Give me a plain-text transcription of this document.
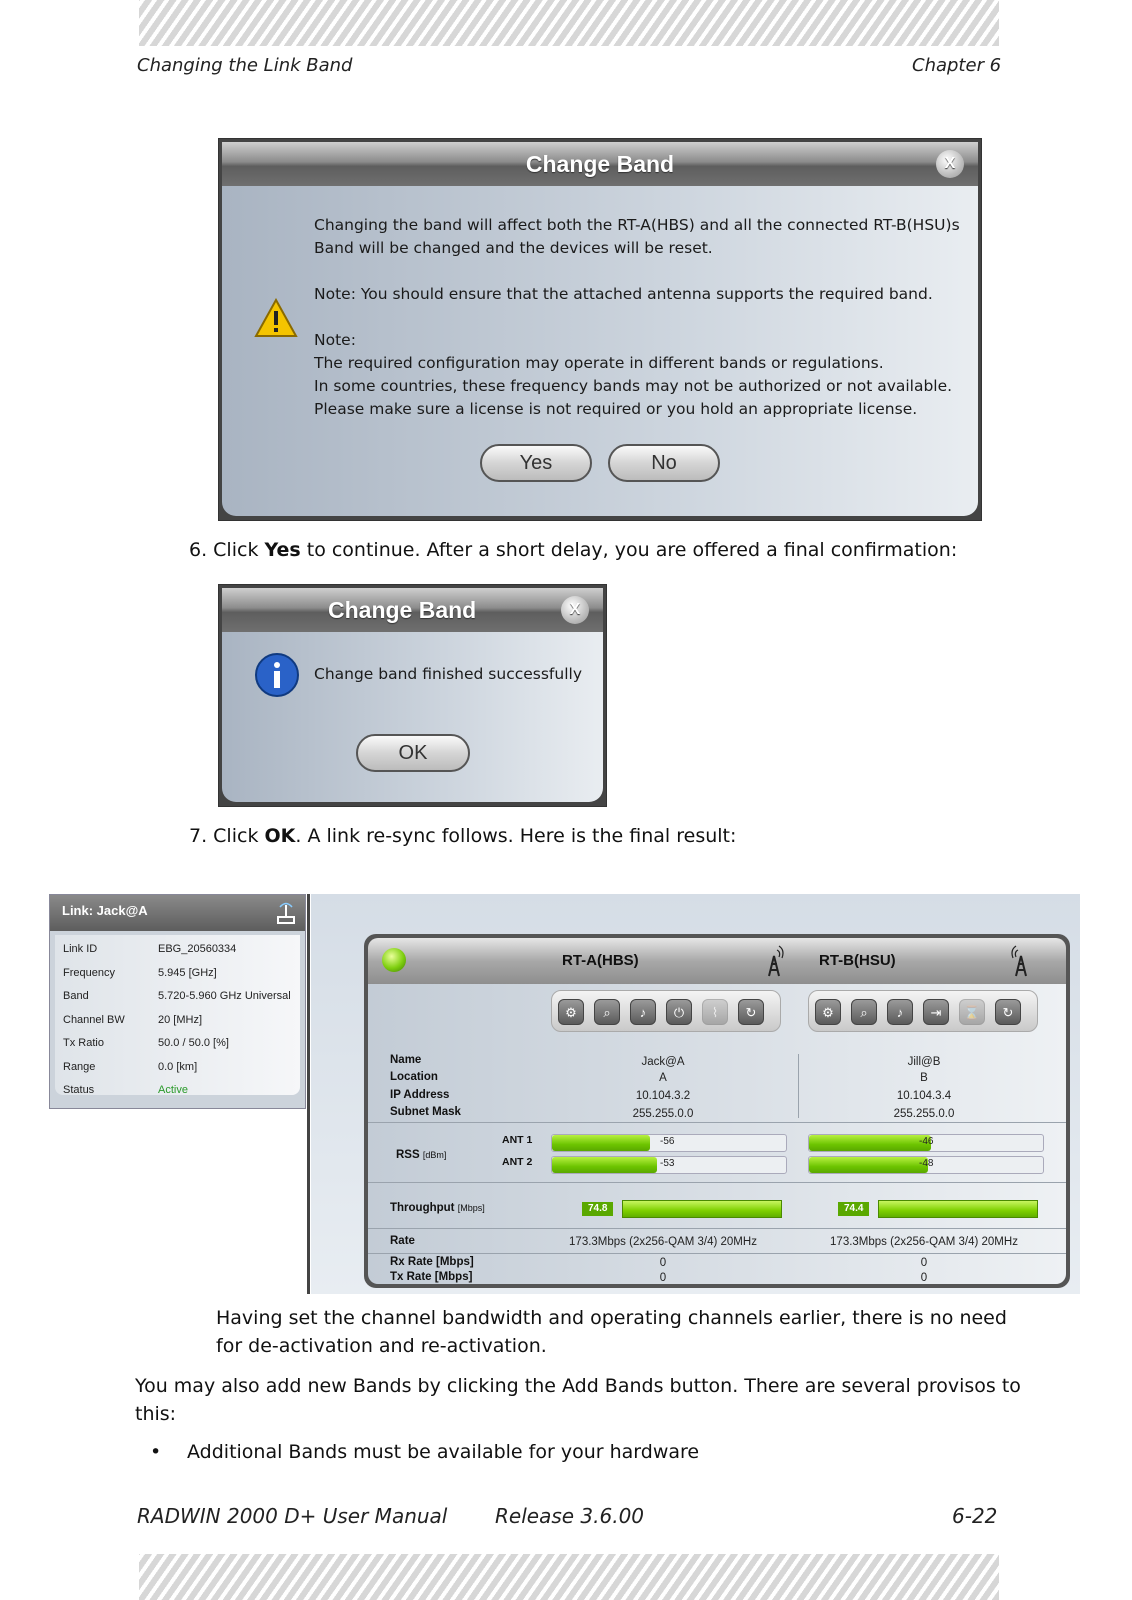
Changing the Link Band	Chapter 6
Change Band	X
Changing the band will affect both the RT-A(HBS) and all the connected RT-B(HSU)s
Band will be changed and the devices will be reset.
Note: You should ensure that the attached antenna supports the required band.
Note:
The required configuration may operate in different bands or regulations.
In some countries, these frequency bands may not be authorized or not available.
Please make sure a license is not required or you hold an appropriate license.
Yes	No
6. Click Yes to continue. After a short delay, you are offered a final confirmation:
Change Band	X
Change band finished successfully
OK
7. Click OK. A link re-sync follows. Here is the final result:
Link: Jack@A
Link ID	EBG_20560334
Frequency	5.945 [GHz]
Band	5.720-5.960 GHz Universal
Channel BW	20 [MHz]
Tx Ratio	50.0 / 50.0 [%]
Range	0.0 [km]
Status	Active
RT-A(HBS)	RT-B(HSU)
⚙	⌕	♪	⏻	⌇	↻	⚙	⌕	♪	⇥	⌛	↻
Name
Location
IP Address
Subnet Mask
Jack@A
A
10.104.3.2
255.255.0.0
Jill@B
B
10.104.3.4
255.255.0.0
RSS [dBm]
ANT 1
ANT 2
-56
-53
-46
-48
Throughput [Mbps]	74.8	74.4
Rate	173.3Mbps (2x256-QAM 3/4) 20MHz	173.3Mbps (2x256-QAM 3/4) 20MHz
Rx Rate [Mbps]
Tx Rate [Mbps]
0
0
0
0
Having set the channel bandwidth and operating channels earlier, there is no need
for de-activation and re-activation.
You may also add new Bands by clicking the Add Bands button. There are several provisos to
this:
• Additional Bands must be available for your hardware
RADWIN 2000 D+ User Manual Release 3.6.00	6-22
